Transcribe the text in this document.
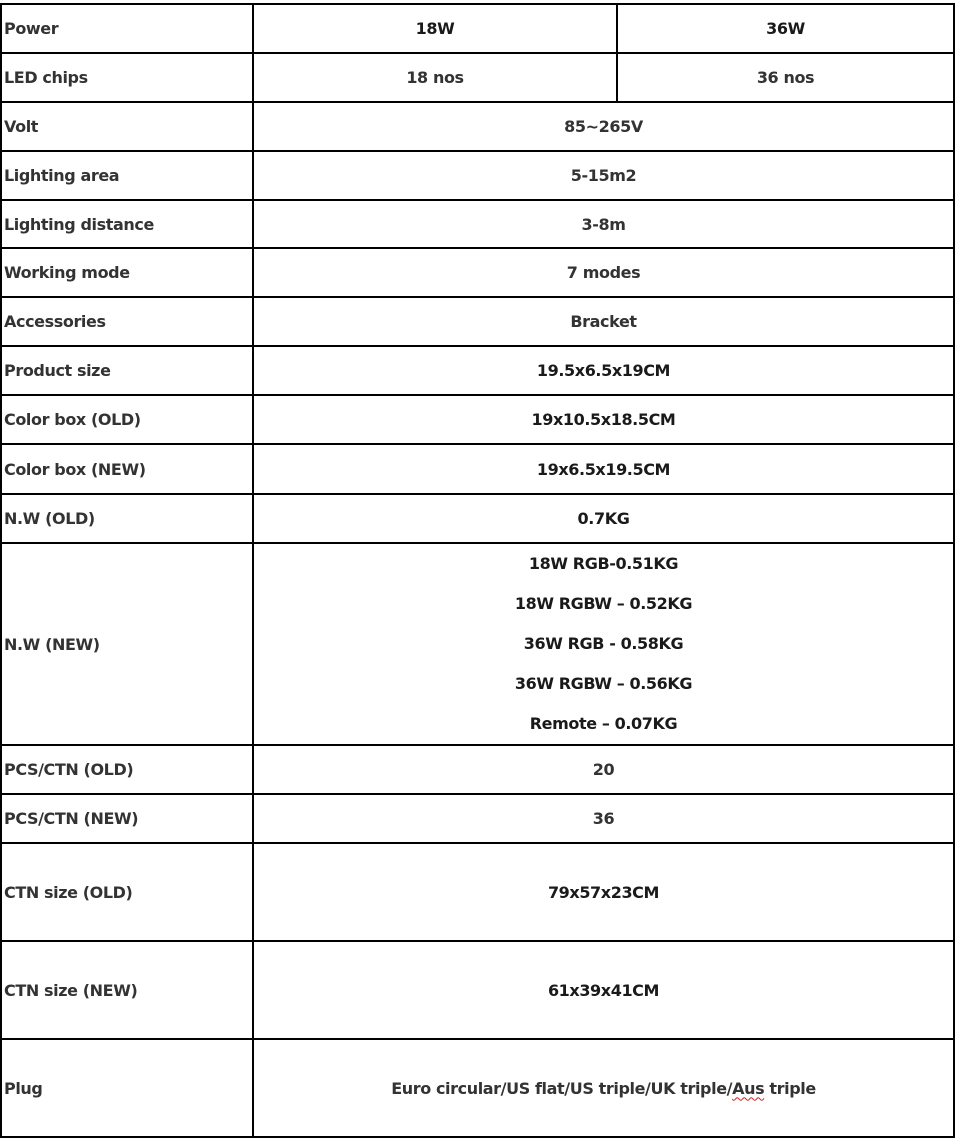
Power	18W	36W
LED chips	18 nos	36 nos
Volt	85~265V	
Lighting area	5-15m2	
Lighting distance	3-8m	
Working mode	7 modes	
Accessories	Bracket	
Product size	19.5x6.5x19CM	
Color box (OLD)	19x10.5x18.5CM	
Color box (NEW)	19x6.5x19.5CM	
N.W (OLD)	0.7KG	
N.W (NEW)	18W RGB-0.51KG
18W RGBW – 0.52KG
36W RGB - 0.58KG
36W RGBW – 0.56KG
Remote – 0.07KG	

PCS/CTN (OLD)	20	
PCS/CTN (NEW)	36	
CTN size (OLD)	79x57x23CM	
CTN size (NEW)	61x39x41CM	
Plug	Euro circular/US flat/US triple/UK triple/Aus triple	
